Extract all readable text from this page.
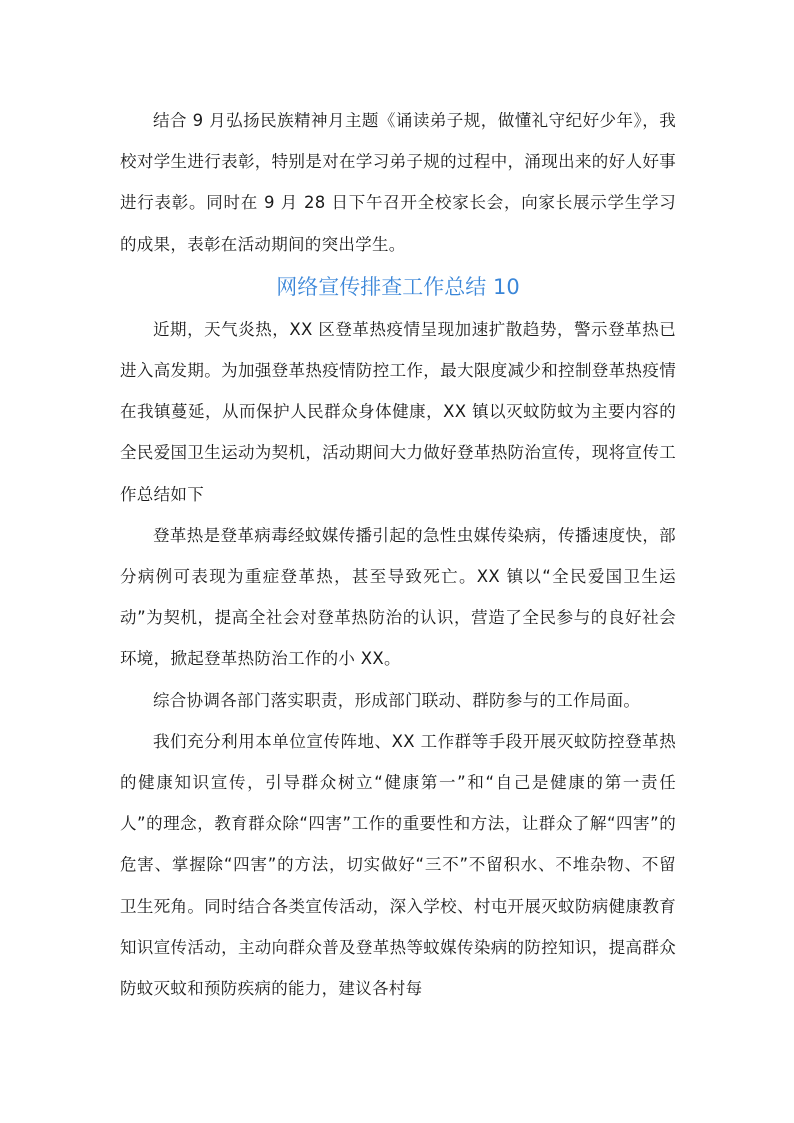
结合 9 月弘扬民族精神月主题《诵读弟子规，做懂礼守纪好少年》，我校对学生进行表彰，特别是对在学习弟子规的过程中，涌现出来的好人好事进行表彰。同时在 9 月 28 日下午召开全校家长会，向家长展示学生学习的成果，表彰在活动期间的突出学生。

网络宣传排查工作总结 10

近期，天气炎热，XX 区登革热疫情呈现加速扩散趋势，警示登革热已进入高发期。为加强登革热疫情防控工作，最大限度减少和控制登革热疫情在我镇蔓延，从而保护人民群众身体健康，XX 镇以灭蚊防蚊为主要内容的全民爱国卫生运动为契机，活动期间大力做好登革热防治宣传，现将宣传工作总结如下

登革热是登革病毒经蚊媒传播引起的急性虫媒传染病，传播速度快，部分病例可表现为重症登革热，甚至导致死亡。XX 镇以“全民爱国卫生运动”为契机，提高全社会对登革热防治的认识，营造了全民参与的良好社会环境，掀起登革热防治工作的小 XX。

综合协调各部门落实职责，形成部门联动、群防参与的工作局面。

我们充分利用本单位宣传阵地、XX 工作群等手段开展灭蚊防控登革热的健康知识宣传，引导群众树立“健康第一”和“自己是健康的第一责任人”的理念，教育群众除“四害”工作的重要性和方法，让群众了解“四害”的危害、掌握除“四害”的方法，切实做好“三不”不留积水、不堆杂物、不留卫生死角。同时结合各类宣传活动，深入学校、村屯开展灭蚊防病健康教育知识宣传活动，主动向群众普及登革热等蚊媒传染病的防控知识，提高群众防蚊灭蚊和预防疾病的能力，建议各村每
